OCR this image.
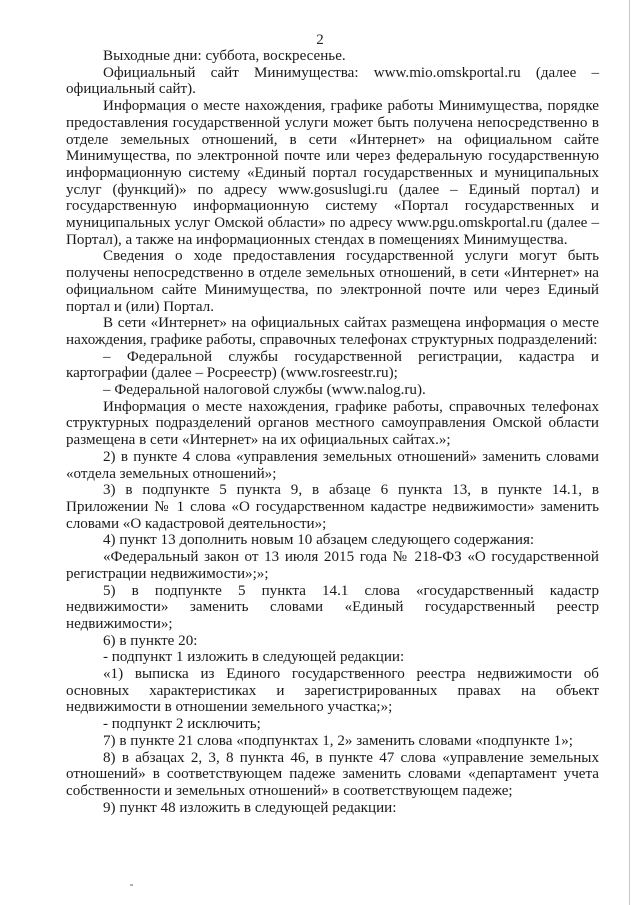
2

Выходные дни: суббота, воскресенье.

Официальный сайт Минимущества: www.mio.omskportal.ru (далее – официальный сайт).

Информация о месте нахождения, графике работы Минимущества, порядке предоставления государственной услуги может быть получена непосредственно в отделе земельных отношений, в сети «Интернет» на официальном сайте Минимущества, по электронной почте или через федеральную государственную информационную систему «Единый портал государственных и муниципальных услуг (функций)» по адресу www.gosuslugi.ru (далее – Единый портал) и государственную информационную систему «Портал государственных и муниципальных услуг Омской области» по адресу www.pgu.omskportal.ru (далее – Портал), а также на информационных стендах в помещениях Минимущества.

Сведения о ходе предоставления государственной услуги могут быть получены непосредственно в отделе земельных отношений, в сети «Интернет» на официальном сайте Минимущества, по электронной почте или через Единый портал и (или) Портал.

В сети «Интернет» на официальных сайтах размещена информация о месте нахождения, графике работы, справочных телефонах структурных подразделений:

– Федеральной службы государственной регистрации, кадастра и картографии (далее – Росреестр) (www.rosreestr.ru);

– Федеральной налоговой службы (www.nalog.ru).

Информация о месте нахождения, графике работы, справочных телефонах структурных подразделений органов местного самоуправления Омской области размещена в сети «Интернет» на их официальных сайтах.»;

2) в пункте 4 слова «управления земельных отношений» заменить словами «отдела земельных отношений»;

3) в подпункте 5 пункта 9, в абзаце 6 пункта 13, в пункте 14.1, в Приложении № 1 слова «О государственном кадастре недвижимости» заменить словами «О кадастровой деятельности»;

4) пункт 13 дополнить новым 10 абзацем следующего содержания:

«Федеральный закон от 13 июля 2015 года № 218-ФЗ «О государственной регистрации недвижимости»;»;

5) в подпункте 5 пункта 14.1 слова «государственный кадастр недвижимости» заменить словами «Единый государственный реестр недвижимости»;

6) в пункте 20:

- подпункт 1 изложить в следующей редакции:

«1) выписка из Единого государственного реестра недвижимости об основных характеристиках и зарегистрированных правах на объект недвижимости в отношении земельного участка;»;

- подпункт 2 исключить;

7) в пункте 21 слова «подпунктах 1, 2» заменить словами «подпункте 1»;

8) в абзацах 2, 3, 8 пункта 46, в пункте 47 слова «управление земельных отношений» в соответствующем падеже заменить словами «департамент учета собственности и земельных отношений» в соответствующем падеже;

9) пункт 48 изложить в следующей редакции:
